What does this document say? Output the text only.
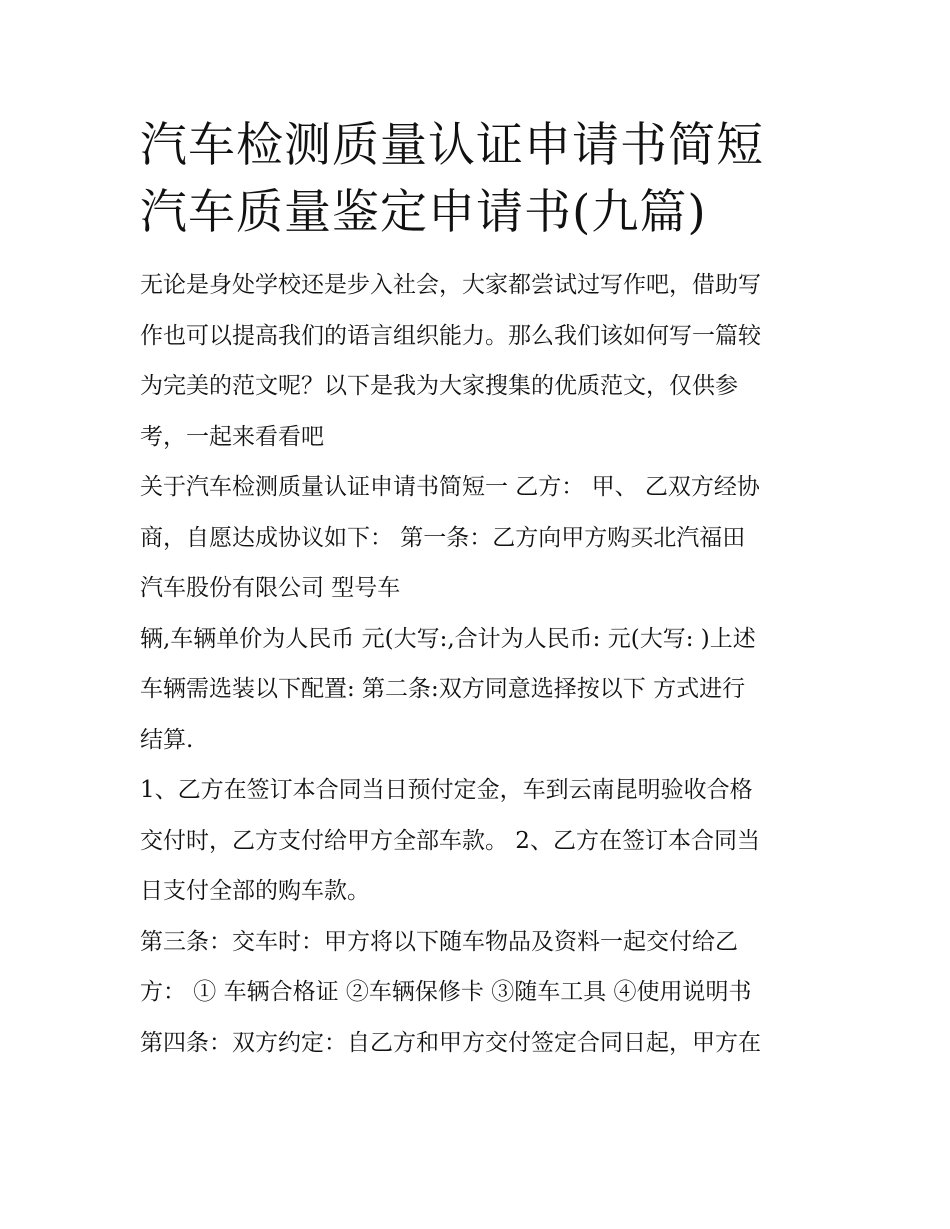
汽车检测质量认证申请书简短
汽车质量鉴定申请书(九篇)
无论是身处学校还是步入社会，大家都尝试过写作吧，借助写
作也可以提高我们的语言组织能力。那么我们该如何写一篇较
为完美的范文呢？以下是我为大家搜集的优质范文，仅供参
考，一起来看看吧
关于汽车检测质量认证申请书简短一 乙方： 甲、 乙双方经协
商，自愿达成协议如下： 第一条：乙方向甲方购买北汽福田
汽车股份有限公司 型号车
辆,车辆单价为人民币 元(大写:,合计为人民币: 元(大写: )上述
车辆需选装以下配置: 第二条:双方同意选择按以下 方式进行
结算.
1、乙方在签订本合同当日预付定金，车到云南昆明验收合格
交付时，乙方支付给甲方全部车款。 2、乙方在签订本合同当
日支付全部的购车款。
第三条：交车时：甲方将以下随车物品及资料一起交付给乙
方： ① 车辆合格证 ②车辆保修卡 ③随车工具 ④使用说明书
第四条：双方约定：自乙方和甲方交付签定合同日起，甲方在
